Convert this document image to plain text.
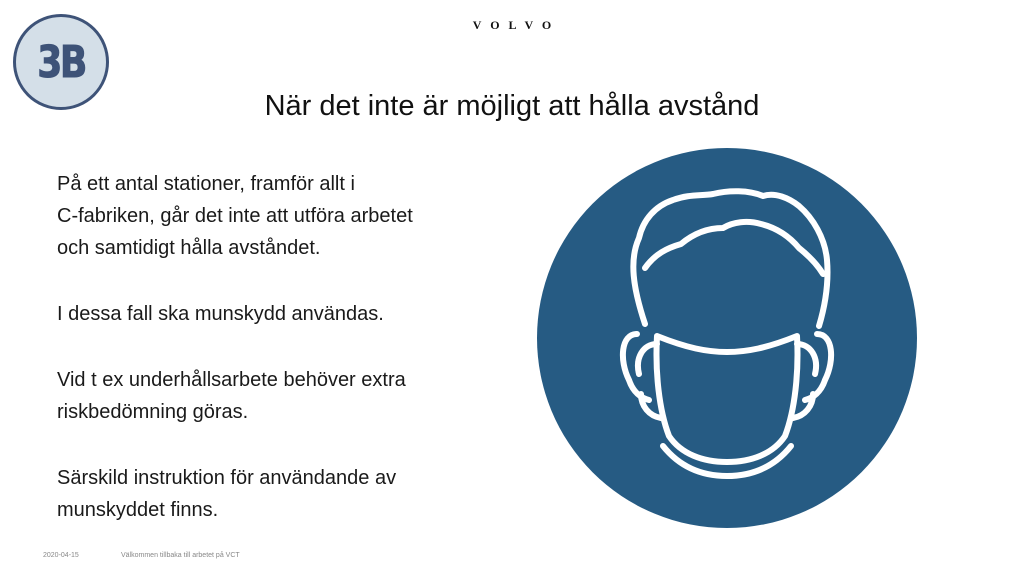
3B
VOLVO
När det inte är möjligt att hålla avstånd

På ett antal stationer, framför allt i
C-fabriken, går det inte att utföra arbetet
och samtidigt hålla avståndet.

I dessa fall ska munskydd användas.

Vid t ex underhållsarbete behöver extra
riskbedömning göras.

Särskild instruktion för användande av
munskyddet finns.

2020-04-15	Välkommen tillbaka till arbetet på VCT
